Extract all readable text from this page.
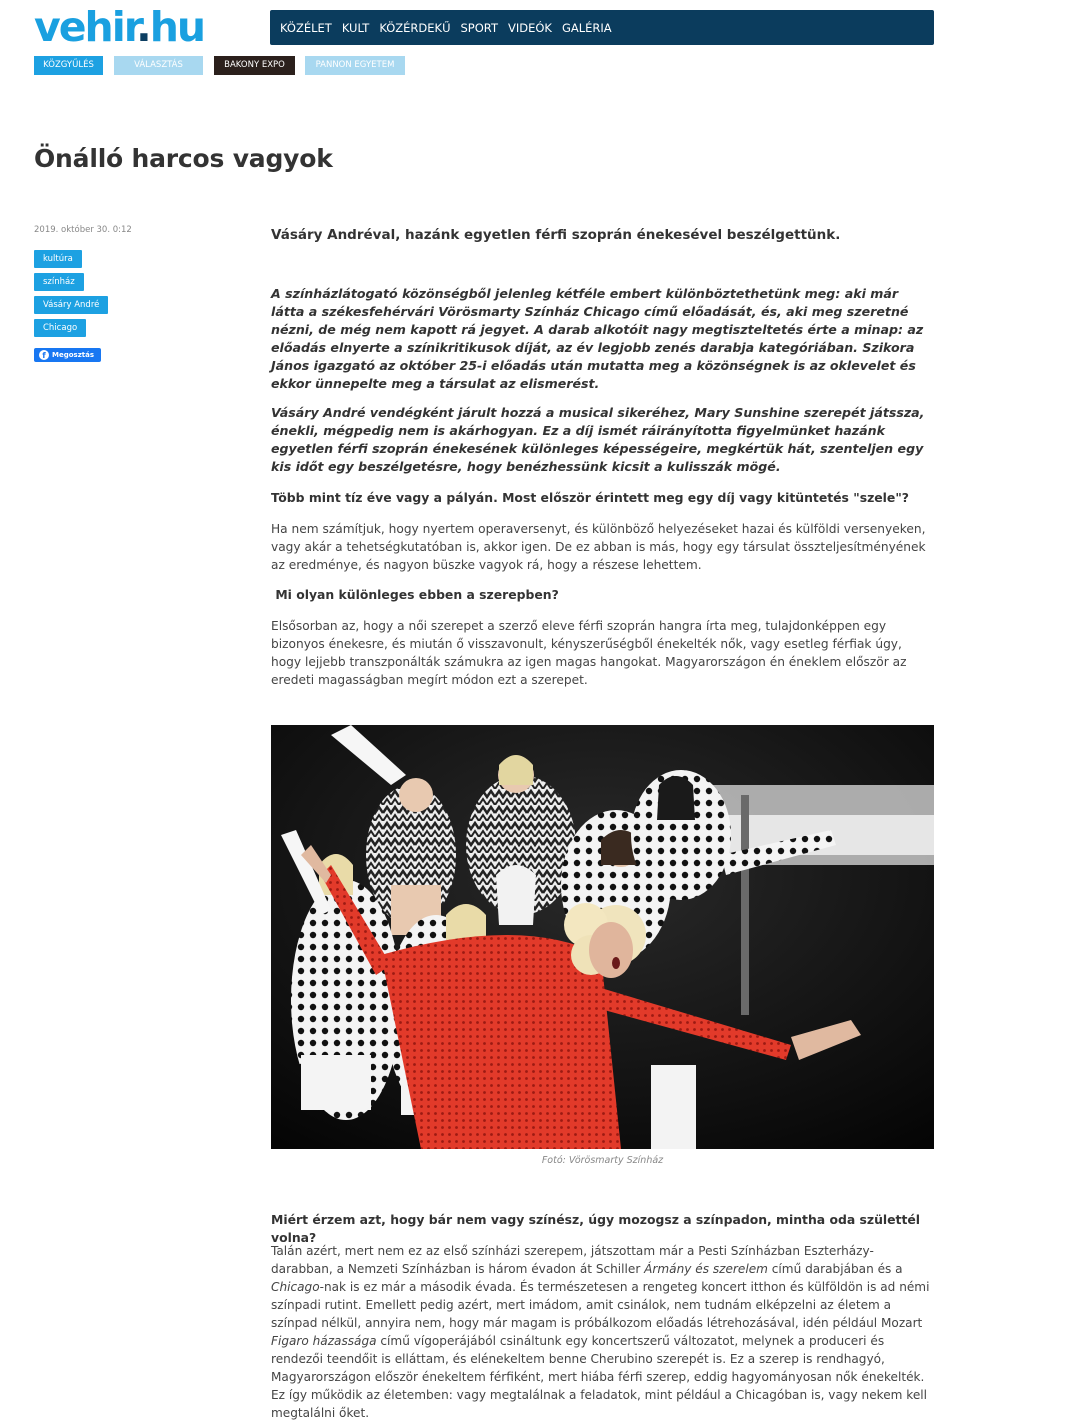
vehir.hu	KÖZÉLET KULT KÖZÉRDEKŰ SPORT VIDEÓK GALÉRIA
KÖZGYŰLÉS	VÁLASZTÁS 2019
BAKONY EXPO	PANNON EGYETEM
Önálló harcos vagyok
2019. október 30. 0:12
kultúra
színház
Vásáry André
Chicago
f Megosztás

Vásáry Andréval, hazánk egyetlen férfi szoprán énekesével beszélgettünk.

A színházlátogató közönségből jelenleg kétféle embert különböztethetünk meg: aki már látta a székesfehérvári Vörösmarty Színház Chicago című előadását, és, aki meg szeretné nézni, de még nem kapott rá jegyet. A darab alkotóit nagy megtiszteltetés érte a minap: az előadás elnyerte a színikritikusok díját, az év legjobb zenés darabja kategóriában. Szikora János igazgató az október 25-i előadás után mutatta meg a közönségnek is az oklevelet és ekkor ünnepelte meg a társulat az elismerést.

Vásáry André vendégként járult hozzá a musical sikeréhez, Mary Sunshine szerepét játssza, énekli, mégpedig nem is akárhogyan. Ez a díj ismét ráirányította figyelmünket hazánk egyetlen férfi szoprán énekesének különleges képességeire, megkértük hát, szenteljen egy kis időt egy beszélgetésre, hogy benézhessünk kicsit a kulisszák mögé.

Több mint tíz éve vagy a pályán. Most először érintett meg egy díj vagy kitüntetés "szele"?

Ha nem számítjuk, hogy nyertem operaversenyt, és különböző helyezéseket hazai és külföldi versenyeken, vagy akár a tehetségkutatóban is, akkor igen. De ez abban is más, hogy egy társulat összteljesítményének az eredménye, és nagyon büszke vagyok rá, hogy a részese lehettem.

Mi olyan különleges ebben a szerepben?

Elsősorban az, hogy a női szerepet a szerző eleve férfi szoprán hangra írta meg, tulajdonképpen egy bizonyos énekesre, és miután ő visszavonult, kényszerűségből énekelték nők, vagy esetleg férfiak úgy, hogy lejjebb transzponálták számukra az igen magas hangokat. Magyarországon én éneklem először az eredeti magasságban megírt módon ezt a szerepet.

Miért érzem azt, hogy bár nem vagy színész, úgy mozogsz a színpadon, mintha oda születtél volna?

Talán azért, mert nem ez az első színházi szerepem, játszottam már a Pesti Színházban Eszterházy-darabban, a Nemzeti Színházban is három évadon át Schiller Ármány és szerelem című darabjában és a Chicago-nak is ez már a második évada. És természetesen a rengeteg koncert itthon és külföldön is ad némi színpadi rutint. Emellett pedig azért, mert imádom, amit csinálok, nem tudnám elképzelni az életem a színpad nélkül, annyira nem, hogy már magam is próbálkozom előadás létrehozásával, idén például Mozart Figaro házassága című vígoperájából csináltunk egy koncertszerű változatot, melynek a produceri és rendezői teendőit is elláttam, és elénekeltem benne Cherubino szerepét is. Ez a szerep is rendhagyó, Magyarországon először énekeltem férfiként, mert hiába férfi szerep, eddig hagyományosan nők énekelték. Ez így működik az életemben: vagy megtalálnak a feladatok, mint például a Chicagóban is, vagy nekem kell megtalálni őket.

Fotó: Vörösmarty Színház
